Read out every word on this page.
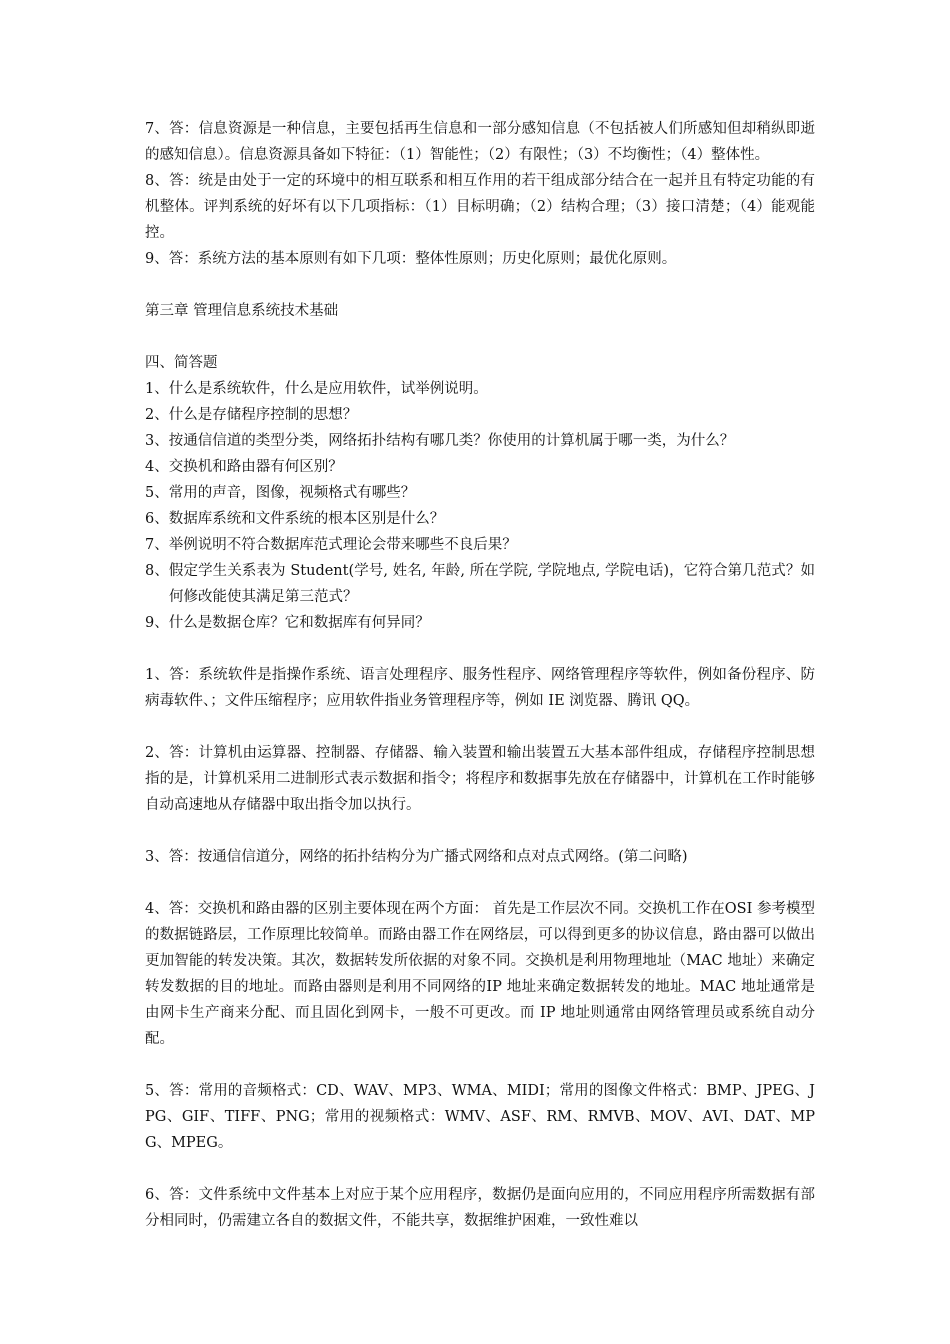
7、答：信息资源是一种信息，主要包括再生信息和一部分感知信息（不包括被人们所感知但却稍纵即逝的感知信息）。信息资源具备如下特征：（1）智能性；（2）有限性；（3）不均衡性；（4）整体性。

8、答：统是由处于一定的环境中的相互联系和相互作用的若干组成部分结合在一起并且有特定功能的有机整体。评判系统的好坏有以下几项指标：（1）目标明确；（2）结构合理；（3）接口清楚；（4）能观能控。

9、答：系统方法的基本原则有如下几项：整体性原则；历史化原则；最优化原则。

第三章 管理信息系统技术基础

四、简答题

1、什么是系统软件，什么是应用软件，试举例说明。

2、什么是存储程序控制的思想？

3、按通信信道的类型分类，网络拓扑结构有哪几类？你使用的计算机属于哪一类，为什么？

4、交换机和路由器有何区别？

5、常用的声音，图像，视频格式有哪些？

6、数据库系统和文件系统的根本区别是什么？

7、举例说明不符合数据库范式理论会带来哪些不良后果？

8、假定学生关系表为 Student(学号, 姓名, 年龄, 所在学院, 学院地点, 学院电话)，它符合第几范式？如何修改能使其满足第三范式？

9、什么是数据仓库？它和数据库有何异同？

1、答：系统软件是指操作系统、语言处理程序、服务性程序、网络管理程序等软件，例如备份程序、防病毒软件、；文件压缩程序；应用软件指业务管理程序等，例如 IE 浏览器、腾讯 QQ。

2、答：计算机由运算器、控制器、存储器、输入装置和输出装置五大基本部件组成，存储程序控制思想指的是，计算机采用二进制形式表示数据和指令；将程序和数据事先放在存储器中，计算机在工作时能够自动高速地从存储器中取出指令加以执行。

3、答：按通信信道分，网络的拓扑结构分为广播式网络和点对点式网络。(第二问略)

4、答：交换机和路由器的区别主要体现在两个方面： 首先是工作层次不同。交换机工作在OSI 参考模型的数据链路层，工作原理比较简单。而路由器工作在网络层，可以得到更多的协议信息，路由器可以做出更加智能的转发决策。其次，数据转发所依据的对象不同。交换机是利用物理地址（MAC 地址）来确定转发数据的目的地址。而路由器则是利用不同网络的IP 地址来确定数据转发的地址。MAC 地址通常是由网卡生产商来分配、而且固化到网卡，一般不可更改。而 IP 地址则通常由网络管理员或系统自动分配。

5、答：常用的音频格式：CD、WAV、MP3、WMA、MIDI；常用的图像文件格式：BMP、JPEG、JPG、GIF、TIFF、PNG；常用的视频格式：WMV、ASF、RM、RMVB、MOV、AVI、DAT、MPG、MPEG。

6、答：文件系统中文件基本上对应于某个应用程序，数据仍是面向应用的，不同应用程序所需数据有部分相同时，仍需建立各自的数据文件，不能共享，数据维护困难，一致性难以
